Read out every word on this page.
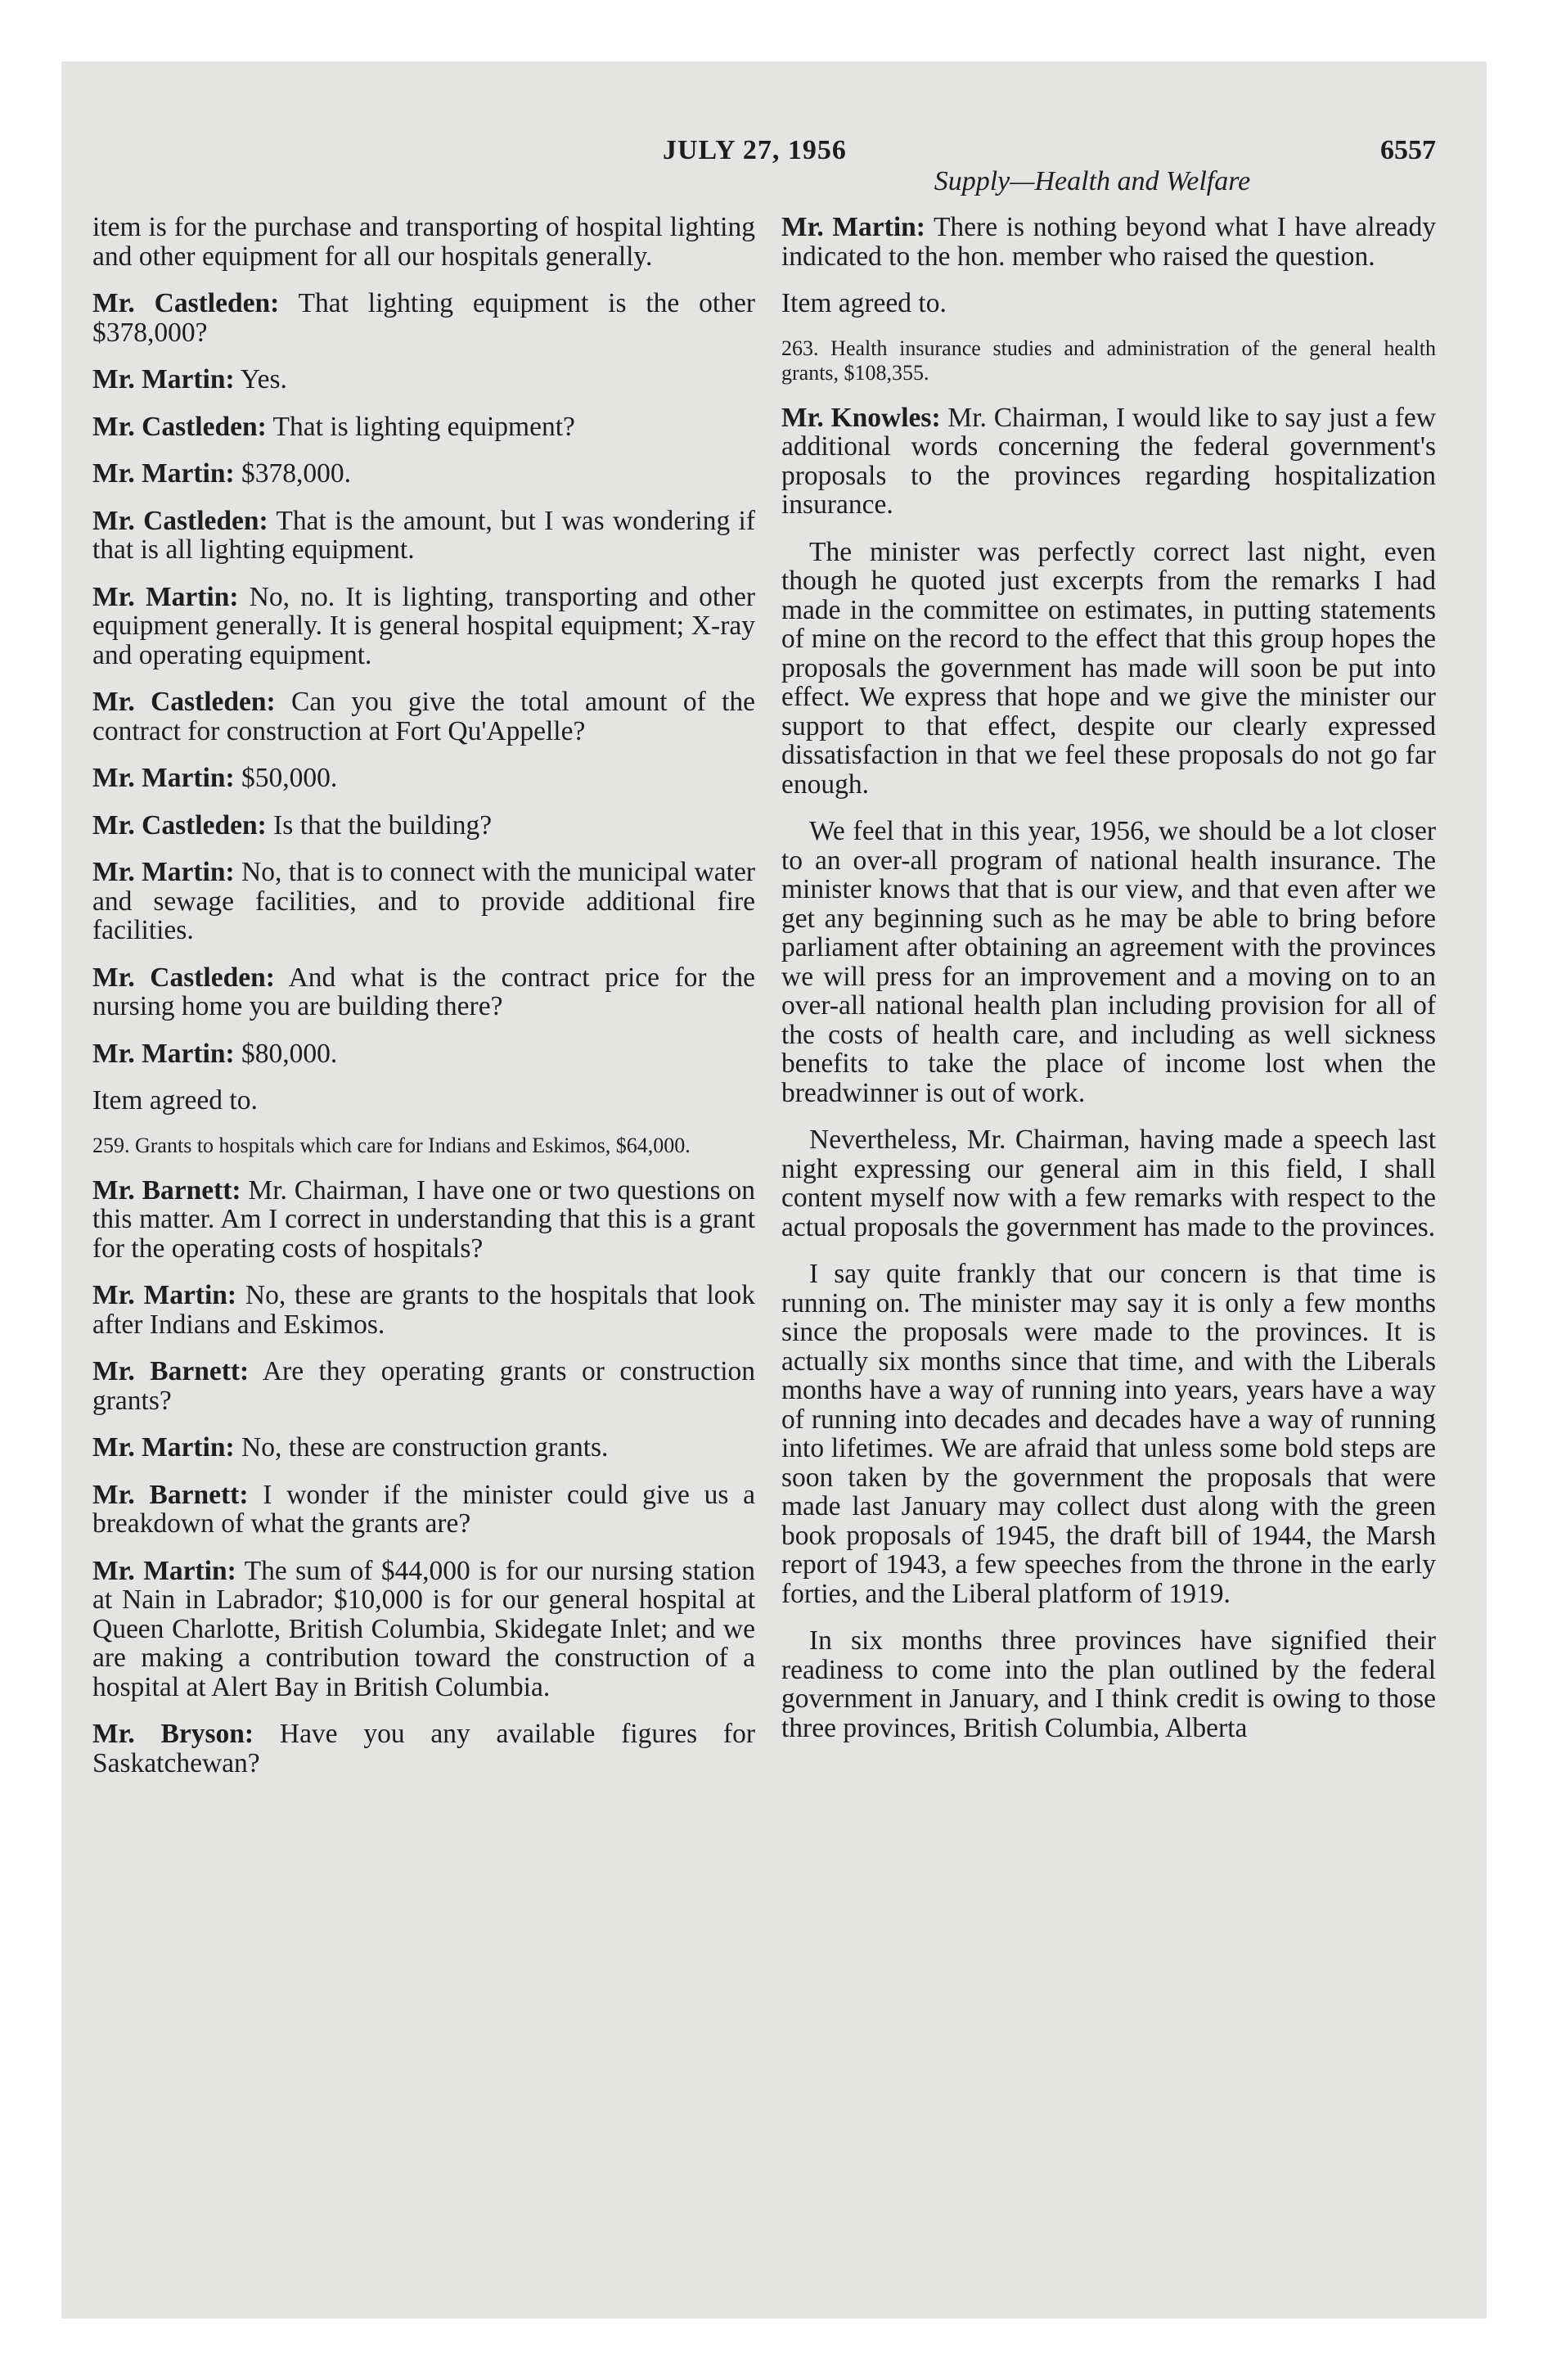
JULY 27, 1956	6557
Supply—Health and Welfare

item is for the purchase and transporting of hospital lighting and other equipment for all our hospitals generally.

Mr. Castleden: That lighting equipment is the other $378,000?

Mr. Martin: Yes.

Mr. Castleden: That is lighting equipment?

Mr. Martin: $378,000.

Mr. Castleden: That is the amount, but I was wondering if that is all lighting equipment.

Mr. Martin: No, no. It is lighting, transporting and other equipment generally. It is general hospital equipment; X-ray and operating equipment.

Mr. Castleden: Can you give the total amount of the contract for construction at Fort Qu'Appelle?

Mr. Martin: $50,000.

Mr. Castleden: Is that the building?

Mr. Martin: No, that is to connect with the municipal water and sewage facilities, and to provide additional fire facilities.

Mr. Castleden: And what is the contract price for the nursing home you are building there?

Mr. Martin: $80,000.

Item agreed to.

259. Grants to hospitals which care for Indians and Eskimos, $64,000.

Mr. Barnett: Mr. Chairman, I have one or two questions on this matter. Am I correct in understanding that this is a grant for the operating costs of hospitals?

Mr. Martin: No, these are grants to the hospitals that look after Indians and Eskimos.

Mr. Barnett: Are they operating grants or construction grants?

Mr. Martin: No, these are construction grants.

Mr. Barnett: I wonder if the minister could give us a breakdown of what the grants are?

Mr. Martin: The sum of $44,000 is for our nursing station at Nain in Labrador; $10,000 is for our general hospital at Queen Charlotte, British Columbia, Skidegate Inlet; and we are making a contribution toward the construction of a hospital at Alert Bay in British Columbia.

Mr. Bryson: Have you any available figures for Saskatchewan?

Mr. Martin: There is nothing beyond what I have already indicated to the hon. member who raised the question.

Item agreed to.

263. Health insurance studies and administration of the general health grants, $108,355.

Mr. Knowles: Mr. Chairman, I would like to say just a few additional words concerning the federal government's proposals to the provinces regarding hospitalization insurance.

The minister was perfectly correct last night, even though he quoted just excerpts from the remarks I had made in the committee on estimates, in putting statements of mine on the record to the effect that this group hopes the proposals the government has made will soon be put into effect. We express that hope and we give the minister our support to that effect, despite our clearly expressed dissatisfaction in that we feel these proposals do not go far enough.

We feel that in this year, 1956, we should be a lot closer to an over-all program of national health insurance. The minister knows that that is our view, and that even after we get any beginning such as he may be able to bring before parliament after obtaining an agreement with the provinces we will press for an improvement and a moving on to an over-all national health plan including provision for all of the costs of health care, and including as well sickness benefits to take the place of income lost when the breadwinner is out of work.

Nevertheless, Mr. Chairman, having made a speech last night expressing our general aim in this field, I shall content myself now with a few remarks with respect to the actual proposals the government has made to the provinces.

I say quite frankly that our concern is that time is running on. The minister may say it is only a few months since the proposals were made to the provinces. It is actually six months since that time, and with the Liberals months have a way of running into years, years have a way of running into decades and decades have a way of running into lifetimes. We are afraid that unless some bold steps are soon taken by the government the proposals that were made last January may collect dust along with the green book proposals of 1945, the draft bill of 1944, the Marsh report of 1943, a few speeches from the throne in the early forties, and the Liberal platform of 1919.

In six months three provinces have signified their readiness to come into the plan outlined by the federal government in January, and I think credit is owing to those three provinces, British Columbia, Alberta
